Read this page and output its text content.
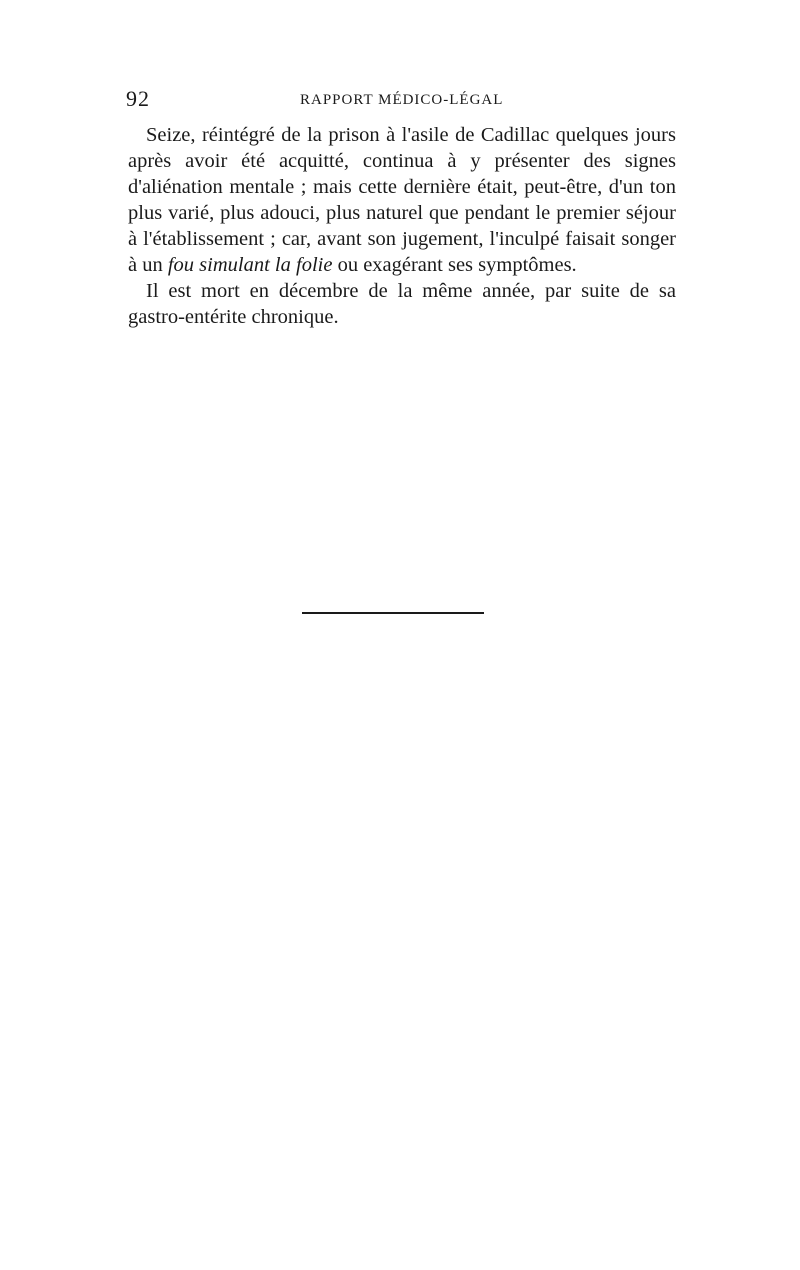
92	RAPPORT MÉDICO-LÉGAL

Seize, réintégré de la prison à l'asile de Cadillac quelques jours après avoir été acquitté, continua à y présenter des signes d'aliénation mentale ; mais cette dernière était, peut-être, d'un ton plus varié, plus adouci, plus naturel que pendant le premier séjour à l'établissement ; car, avant son jugement, l'inculpé faisait songer à un fou simulant la folie ou exagérant ses symptômes.

Il est mort en décembre de la même année, par suite de sa gastro-entérite chronique.
